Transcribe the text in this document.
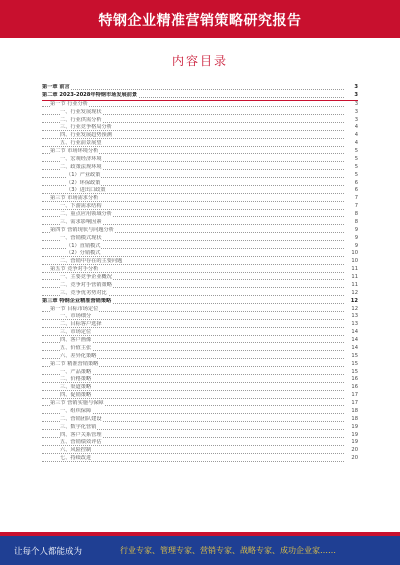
特钢企业精准营销策略研究报告
内容目录
第一章 前言	3
第二章 2023-2028年特钢市场发展前景	3
第一节 行业分析	3
一、行业发展现状	3
二、行业供需分析	3
三、行业竞争格局分析	4
四、行业发展趋势预测	4
五、行业前景展望	4
第二节 市场环境分析	5
一、宏观经济环境	5
二、政策法规环境	5
（1）产业政策	5
（2）环保政策	6
（3）进出口政策	6
第三节 市场需求分析	7
一、下游需求结构	7
二、重点应用领域分析	8
三、需求影响因素	8
第四节 营销现状与问题分析	9
一、营销模式现状	9
（1）直销模式	9
（2）分销模式	10
二、营销中存在的主要问题	10
第五节 竞争对手分析	11
一、主要竞争企业概况	11
二、竞争对手营销策略	11
三、竞争优劣势对比	12
第三章 特钢企业精准营销策略	12
第一节 目标市场定位	12
一、市场细分	13
二、目标客户选择	13
三、市场定位	14
四、客户画像	14
五、价值主张	14
六、差异化策略	15
第二节 精准营销策略	15
一、产品策略	15
二、价格策略	16
三、渠道策略	16
四、促销策略	17
第三节 营销实施与保障	17
一、组织保障	18
二、营销团队建设	18
三、数字化营销	19
四、客户关系管理	19
五、营销绩效评估	19
六、风险控制	20
七、持续改进	20
让每个人都能成为	行业专家、管理专家、营销专家、战略专家、成功企业家……
